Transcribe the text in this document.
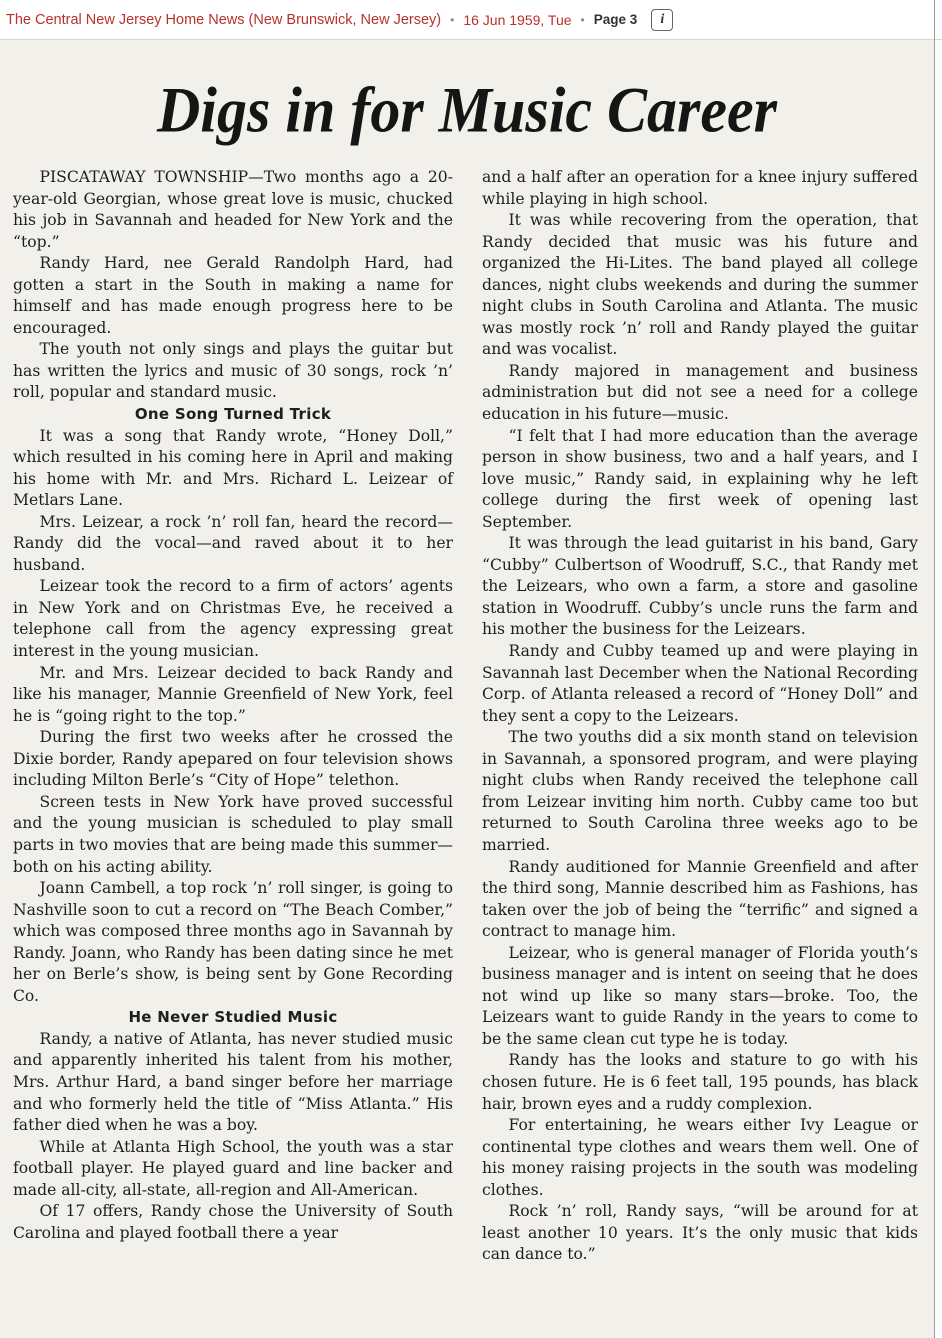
The Central New Jersey Home News (New Brunswick, New Jersey) • 16 Jun 1959, Tue • Page 3	i
Digs in for Music Career

PISCATAWAY TOWNSHIP—Two months ago a 20-year-old Georgian, whose great love is music, chucked his job in Savannah and headed for New York and the “top.”

Randy Hard, nee Gerald Randolph Hard, had gotten a start in the South in making a name for himself and has made enough progress here to be encouraged.

The youth not only sings and plays the guitar but has written the lyrics and music of 30 songs, rock ’n’ roll, popular and standard music.

One Song Turned Trick

It was a song that Randy wrote, “Honey Doll,” which resulted in his coming here in April and making his home with Mr. and Mrs. Richard L. Leizear of Metlars Lane.

Mrs. Leizear, a rock ’n’ roll fan, heard the record—Randy did the vocal—and raved about it to her husband.

Leizear took the record to a firm of actors’ agents in New York and on Christmas Eve, he received a telephone call from the agency expressing great interest in the young musician.

Mr. and Mrs. Leizear decided to back Randy and like his manager, Mannie Greenfield of New York, feel he is “going right to the top.”

During the first two weeks after he crossed the Dixie border, Randy apepared on four television shows including Milton Berle’s “City of Hope” telethon.

Screen tests in New York have proved successful and the young musician is scheduled to play small parts in two movies that are being made this summer—both on his acting ability.

Joann Cambell, a top rock ’n’ roll singer, is going to Nashville soon to cut a record on “The Beach Comber,” which was composed three months ago in Savannah by Randy. Joann, who Randy has been dating since he met her on Berle’s show, is being sent by Gone Recording Co.

He Never Studied Music

Randy, a native of Atlanta, has never studied music and apparently inherited his talent from his mother, Mrs. Arthur Hard, a band singer before her marriage and who formerly held the title of “Miss Atlanta.” His father died when he was a boy.

While at Atlanta High School, the youth was a star football player. He played guard and line backer and made all-city, all-state, all-region and All-American.

Of 17 offers, Randy chose the University of South Carolina and played football there a year

and a half after an operation for a knee injury suffered while playing in high school.

It was while recovering from the operation, that Randy decided that music was his future and organized the Hi-Lites. The band played all college dances, night clubs weekends and during the summer night clubs in South Carolina and Atlanta. The music was mostly rock ’n’ roll and Randy played the guitar and was vocalist.

Randy majored in management and business administration but did not see a need for a college education in his future—music.

“I felt that I had more education than the average person in show business, two and a half years, and I love music,” Randy said, in explaining why he left college during the first week of opening last September.

It was through the lead guitarist in his band, Gary “Cubby” Culbertson of Woodruff, S.C., that Randy met the Leizears, who own a farm, a store and gasoline station in Woodruff. Cubby’s uncle runs the farm and his mother the business for the Leizears.

Randy and Cubby teamed up and were playing in Savannah last December when the National Recording Corp. of Atlanta released a record of “Honey Doll” and they sent a copy to the Leizears.

The two youths did a six month stand on television in Savannah, a sponsored program, and were playing night clubs when Randy received the telephone call from Leizear inviting him north. Cubby came too but returned to South Carolina three weeks ago to be married.

Randy auditioned for Mannie Greenfield and after the third song, Mannie described him as Fashions, has taken over the job of being the “terrific” and signed a contract to manage him.

Leizear, who is general manager of Florida youth’s business manager and is intent on seeing that he does not wind up like so many stars—broke. Too, the Leizears want to guide Randy in the years to come to be the same clean cut type he is today.

Randy has the looks and stature to go with his chosen future. He is 6 feet tall, 195 pounds, has black hair, brown eyes and a ruddy complexion.

For entertaining, he wears either Ivy League or continental type clothes and wears them well. One of his money raising projects in the south was modeling clothes.

Rock ’n’ roll, Randy says, “will be around for at least another 10 years. It’s the only music that kids can dance to.”
